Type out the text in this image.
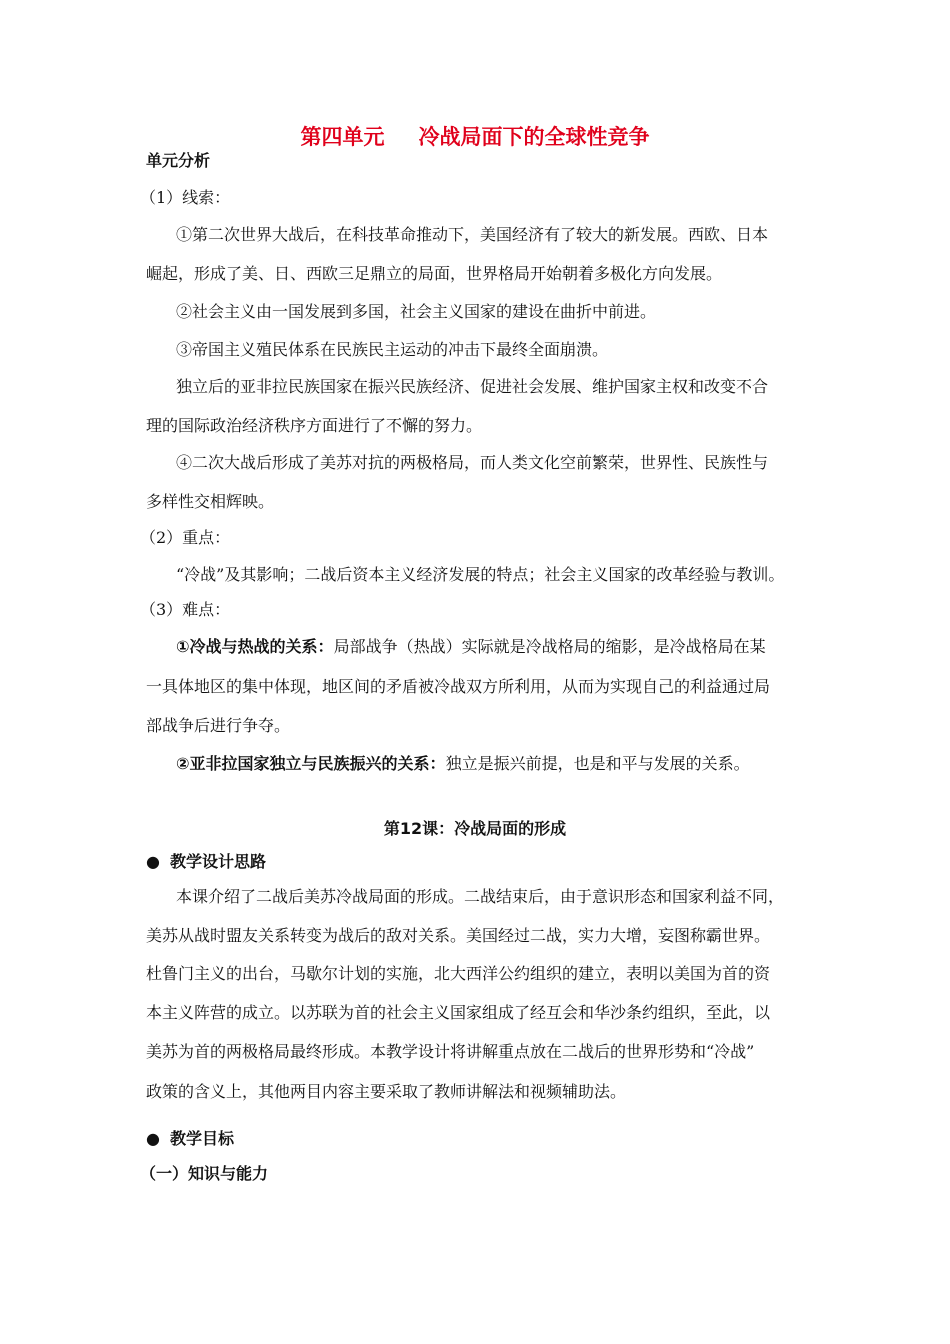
第四单元 冷战局面下的全球性竞争
单元分析
（1）线索：
①第二次世界大战后，在科技革命推动下，美国经济有了较大的新发展。西欧、日本
崛起，形成了美、日、西欧三足鼎立的局面，世界格局开始朝着多极化方向发展。
②社会主义由一国发展到多国，社会主义国家的建设在曲折中前进。
③帝国主义殖民体系在民族民主运动的冲击下最终全面崩溃。
独立后的亚非拉民族国家在振兴民族经济、促进社会发展、维护国家主权和改变不合
理的国际政治经济秩序方面进行了不懈的努力。
④二次大战后形成了美苏对抗的两极格局，而人类文化空前繁荣，世界性、民族性与
多样性交相辉映。
（2）重点：
“冷战”及其影响；二战后资本主义经济发展的特点；社会主义国家的改革经验与教训。
（3）难点：
①冷战与热战的关系：局部战争（热战）实际就是冷战格局的缩影，是冷战格局在某
一具体地区的集中体现，地区间的矛盾被冷战双方所利用，从而为实现自己的利益通过局
部战争后进行争夺。
②亚非拉国家独立与民族振兴的关系：独立是振兴前提，也是和平与发展的关系。
第12课：冷战局面的形成
● 教学设计思路
本课介绍了二战后美苏冷战局面的形成。二战结束后，由于意识形态和国家利益不同，
美苏从战时盟友关系转变为战后的敌对关系。美国经过二战，实力大增，妄图称霸世界。
杜鲁门主义的出台，马歇尔计划的实施，北大西洋公约组织的建立，表明以美国为首的资
本主义阵营的成立。以苏联为首的社会主义国家组成了经互会和华沙条约组织，至此，以
美苏为首的两极格局最终形成。本教学设计将讲解重点放在二战后的世界形势和“冷战”
政策的含义上，其他两目内容主要采取了教师讲解法和视频辅助法。
● 教学目标
（一）知识与能力
